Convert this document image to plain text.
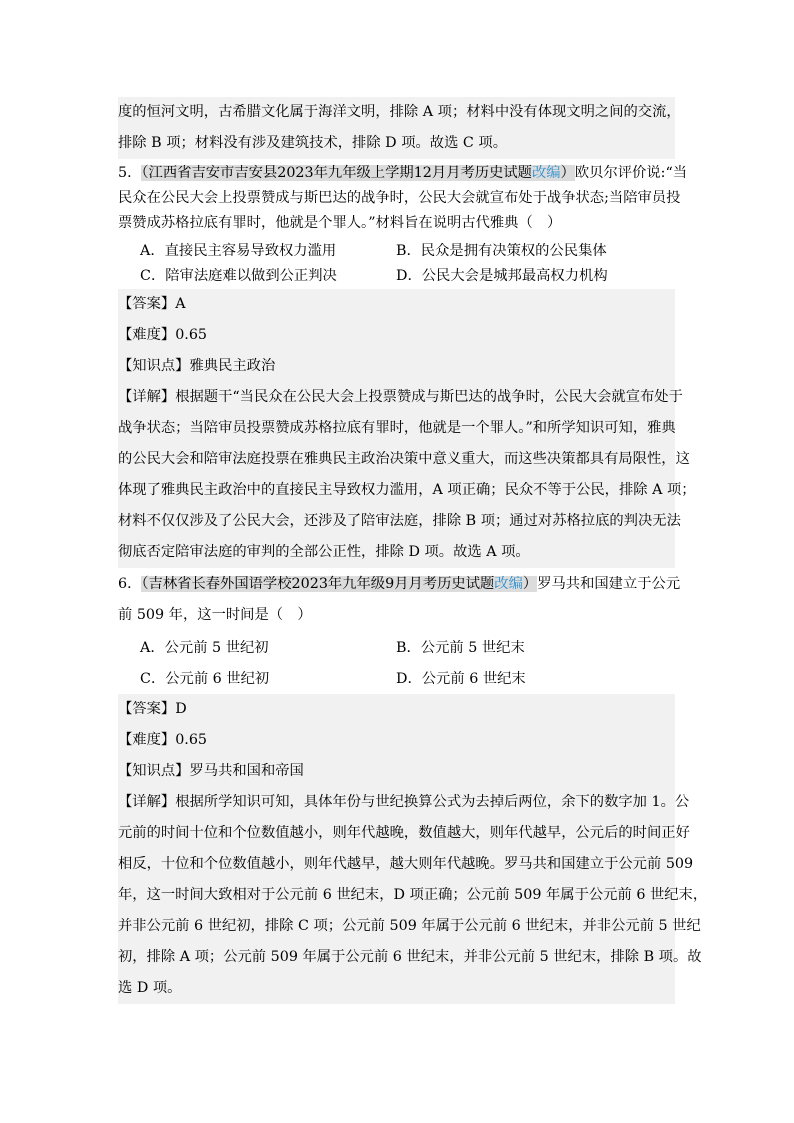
度的恒河文明，古希腊文化属于海洋文明，排除 A 项；材料中没有体现文明之间的交流，
排除 B 项；材料没有涉及建筑技术，排除 D 项。故选 C 项。
5．（江西省吉安市吉安县2023年九年级上学期12月月考历史试题改编）欧贝尔评价说:“当
民众在公民大会上投票赞成与斯巴达的战争时，公民大会就宣布处于战争状态;当陪审员投
票赞成苏格拉底有罪时，他就是个罪人。”材料旨在说明古代雅典（　）
A．直接民主容易导致权力滥用	B．民众是拥有决策权的公民集体
C．陪审法庭难以做到公正判决	D．公民大会是城邦最高权力机构
【答案】A
【难度】0.65
【知识点】雅典民主政治
【详解】根据题干“当民众在公民大会上投票赞成与斯巴达的战争时，公民大会就宣布处于
战争状态；当陪审员投票赞成苏格拉底有罪时，他就是一个罪人。”和所学知识可知，雅典
的公民大会和陪审法庭投票在雅典民主政治决策中意义重大，而这些决策都具有局限性，这
体现了雅典民主政治中的直接民主导致权力滥用，A 项正确；民众不等于公民，排除 A 项；
材料不仅仅涉及了公民大会，还涉及了陪审法庭，排除 B 项；通过对苏格拉底的判决无法
彻底否定陪审法庭的审判的全部公正性，排除 D 项。故选 A 项。
6．（吉林省长春外国语学校2023年九年级9月月考历史试题改编）罗马共和国建立于公元
前 509 年，这一时间是（　）
A．公元前 5 世纪初	B．公元前 5 世纪末
C．公元前 6 世纪初	D．公元前 6 世纪末
【答案】D
【难度】0.65
【知识点】罗马共和国和帝国
【详解】根据所学知识可知，具体年份与世纪换算公式为去掉后两位，余下的数字加 1。公
元前的时间十位和个位数值越小，则年代越晚，数值越大，则年代越早，公元后的时间正好
相反，十位和个位数值越小，则年代越早，越大则年代越晚。罗马共和国建立于公元前 509
年，这一时间大致相对于公元前 6 世纪末，D 项正确；公元前 509 年属于公元前 6 世纪末，
并非公元前 6 世纪初，排除 C 项；公元前 509 年属于公元前 6 世纪末，并非公元前 5 世纪
初，排除 A 项；公元前 509 年属于公元前 6 世纪末，并非公元前 5 世纪末，排除 B 项。故
选 D 项。
